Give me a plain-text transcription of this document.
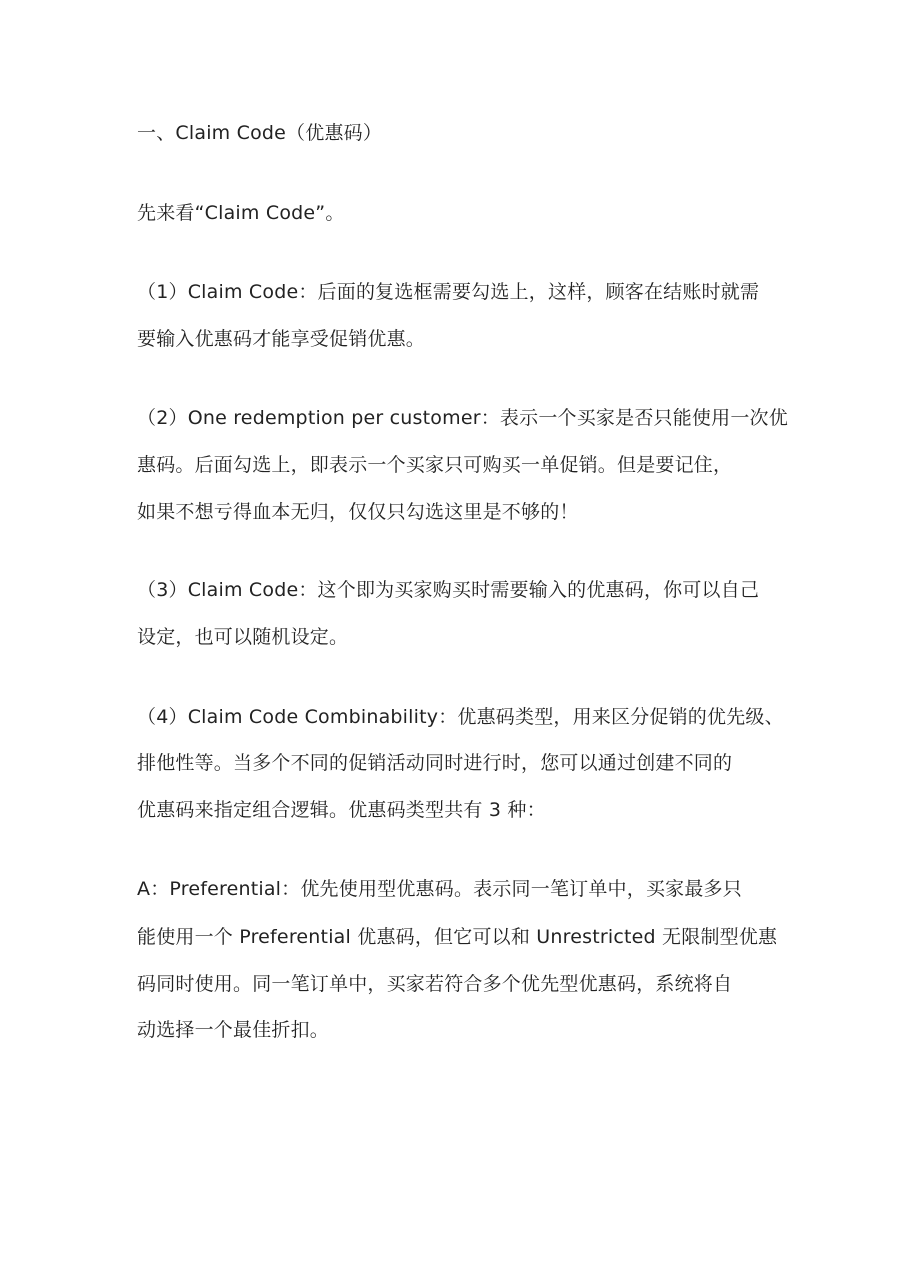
一、Claim Code（优惠码）
先来看“Claim Code”。
（1）Claim Code：后面的复选框需要勾选上，这样，顾客在结账时就需
要输入优惠码才能享受促销优惠。
（2）One redemption per customer：表示一个买家是否只能使用一次优
惠码。后面勾选上，即表示一个买家只可购买一单促销。但是要记住，
如果不想亏得血本无归，仅仅只勾选这里是不够的！
（3）Claim Code：这个即为买家购买时需要输入的优惠码，你可以自己
设定，也可以随机设定。
（4）Claim Code Combinability：优惠码类型，用来区分促销的优先级、
排他性等。当多个不同的促销活动同时进行时，您可以通过创建不同的
优惠码来指定组合逻辑。优惠码类型共有 3 种：
A：Preferential：优先使用型优惠码。表示同一笔订单中，买家最多只
能使用一个 Preferential 优惠码，但它可以和 Unrestricted 无限制型优惠
码同时使用。同一笔订单中，买家若符合多个优先型优惠码，系统将自
动选择一个最佳折扣。
